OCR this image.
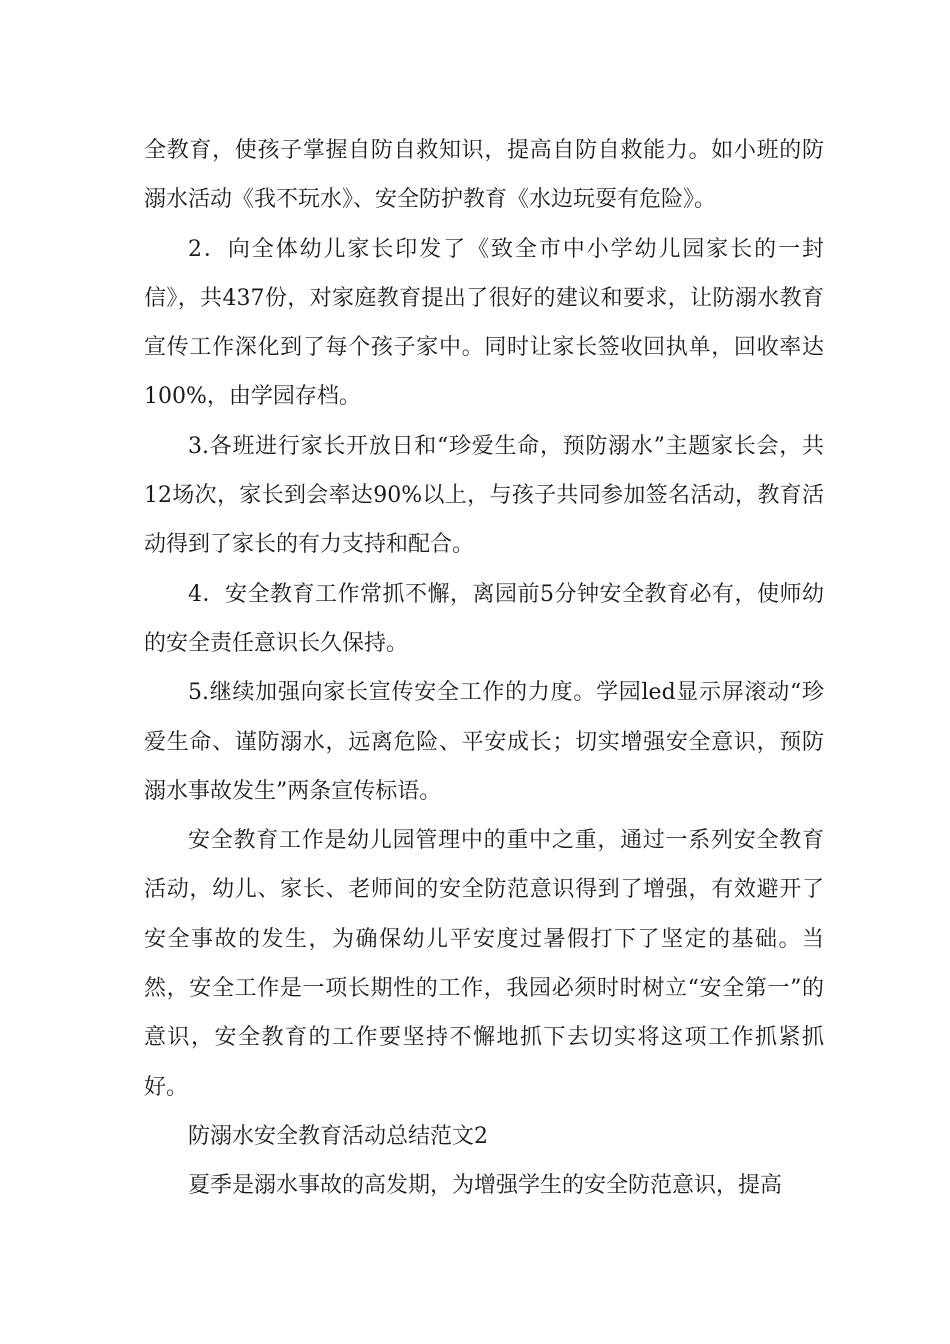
全教育，使孩子掌握自防自救知识，提高自防自救能力。如小班的防溺水活动《我不玩水》、安全防护教育《水边玩耍有危险》。

2．向全体幼儿家长印发了《致全市中小学幼儿园家长的一封信》，共437份，对家庭教育提出了很好的建议和要求，让防溺水教育宣传工作深化到了每个孩子家中。同时让家长签收回执单，回收率达100%，由学园存档。

3.各班进行家长开放日和“珍爱生命，预防溺水”主题家长会，共12场次，家长到会率达90%以上，与孩子共同参加签名活动，教育活动得到了家长的有力支持和配合。

4．安全教育工作常抓不懈，离园前5分钟安全教育必有，使师幼的安全责任意识长久保持。

5.继续加强向家长宣传安全工作的力度。学园led显示屏滚动“珍爱生命、谨防溺水，远离危险、平安成长；切实增强安全意识，预防溺水事故发生”两条宣传标语。

安全教育工作是幼儿园管理中的重中之重，通过一系列安全教育活动，幼儿、家长、老师间的安全防范意识得到了增强，有效避开了安全事故的发生，为确保幼儿平安度过暑假打下了坚定的基础。当然，安全工作是一项长期性的工作，我园必须时时树立“安全第一”的意识，安全教育的工作要坚持不懈地抓下去切实将这项工作抓紧抓好。

防溺水安全教育活动总结范文2

夏季是溺水事故的高发期，为增强学生的安全防范意识，提高
